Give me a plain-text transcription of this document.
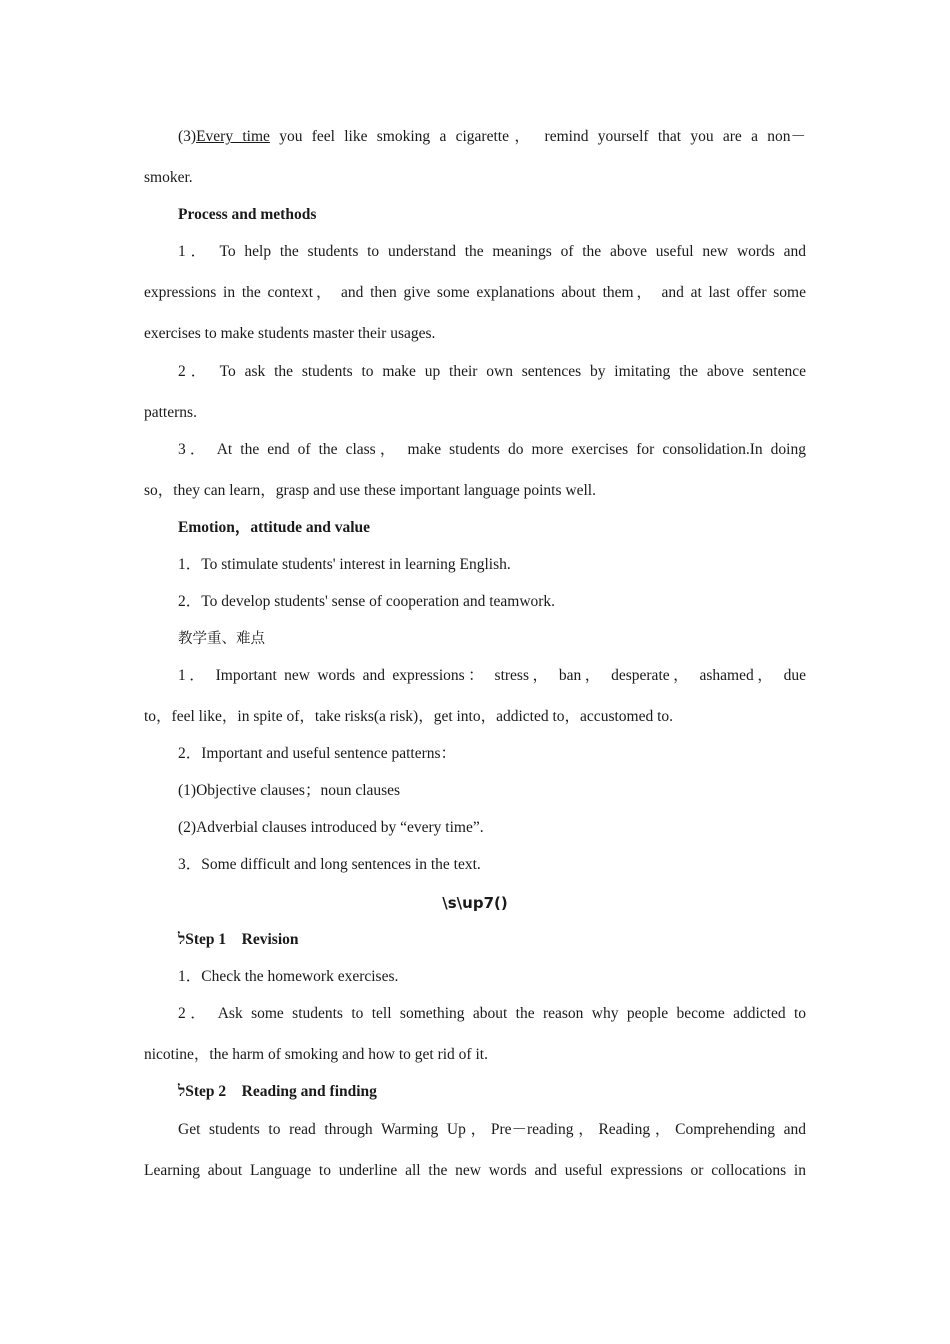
(3)Every time you feel like smoking a cigarette， remind yourself that you are a non－
smoker.
Process and methods
1． To help the students to understand the meanings of the above useful new words and
expressions in the context， and then give some explanations about them， and at last offer some
exercises to make students master their usages.
2． To ask the students to make up their own sentences by imitating the above sentence
patterns.
3． At the end of the class， make students do more exercises for consolidation.In doing
so，they can learn，grasp and use these important language points well.
Emotion，attitude and value
1．To stimulate students' interest in learning English.
2．To develop students' sense of cooperation and teamwork.
教学重、难点
1． Important new words and expressions： stress， ban， desperate， ashamed， due
to，feel like，in spite of，take risks(a risk)，get into，addicted to，accustomed to.
2．Important and useful sentence patterns：
(1)Objective clauses；noun clauses
(2)Adverbial clauses introduced by “every time”.
3．Some difficult and long sentences in the text.
\s\up7()
לStep 1　Revision
1．Check the homework exercises.
2． Ask some students to tell something about the reason why people become addicted to
nicotine，the harm of smoking and how to get rid of it.
לStep 2　Reading and finding
Get students to read through Warming Up，Pre－reading，Reading，Comprehending and
Learning about Language to underline all the new words and useful expressions or collocations in
